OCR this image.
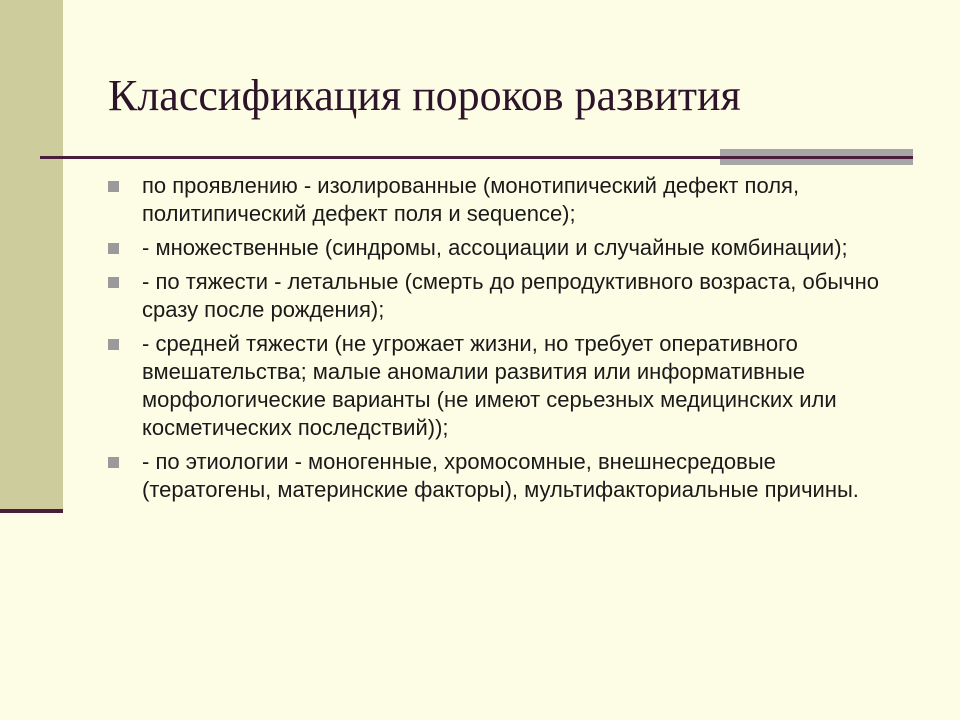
Классификация пороков развития
по проявлению - изолированные (монотипический дефект поля, политипический дефект поля и sequence);
- множественные (синдромы, ассоциации и случайные комбинации);
- по тяжести - летальные (смерть до репродуктивного возраста, обычно сразу после рождения);
- средней тяжести (не угрожает жизни, но требует оперативного вмешательства; малые аномалии развития или информативные морфологические варианты (не имеют серьезных медицинских или косметических последствий));
- по этиологии - моногенные, хромосомные, внешнесредовые (тератогены, материнские факторы), мультифакториальные причины.
